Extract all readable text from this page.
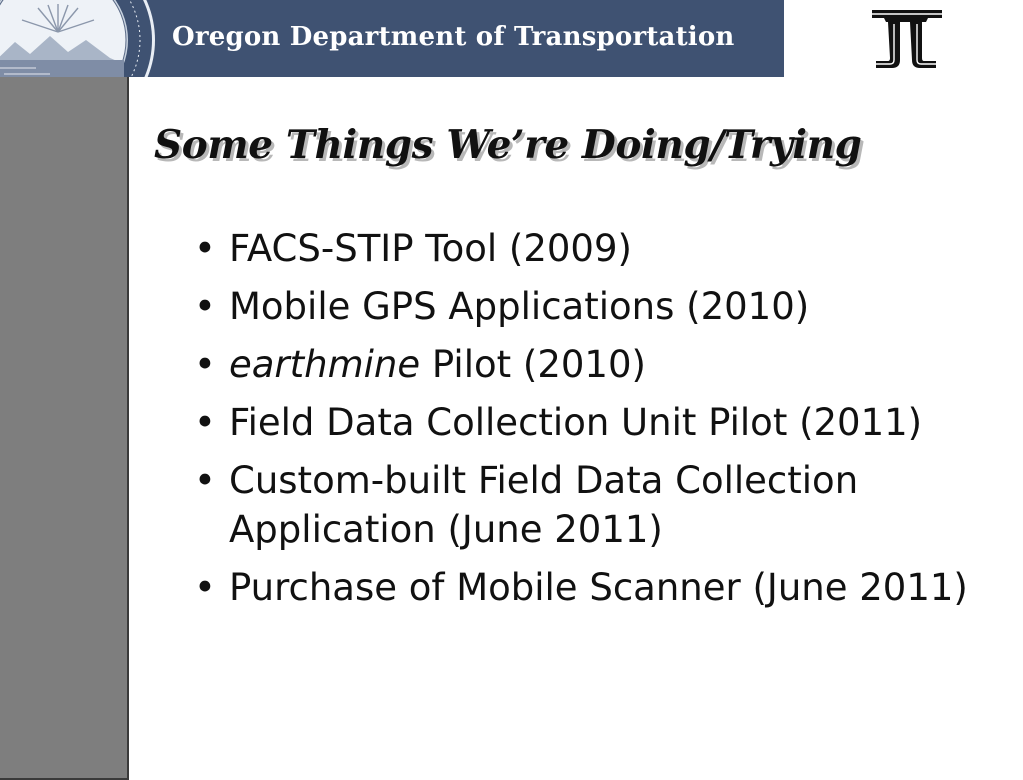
Oregon Department of Transportation
Some Things We’re Doing/Trying
• FACS-STIP Tool (2009)
• Mobile GPS Applications (2010)
• earthmine Pilot (2010)
• Field Data Collection Unit Pilot (2011)
• Custom-built Field Data Collection Application (June 2011)
• Purchase of Mobile Scanner (June 2011)
